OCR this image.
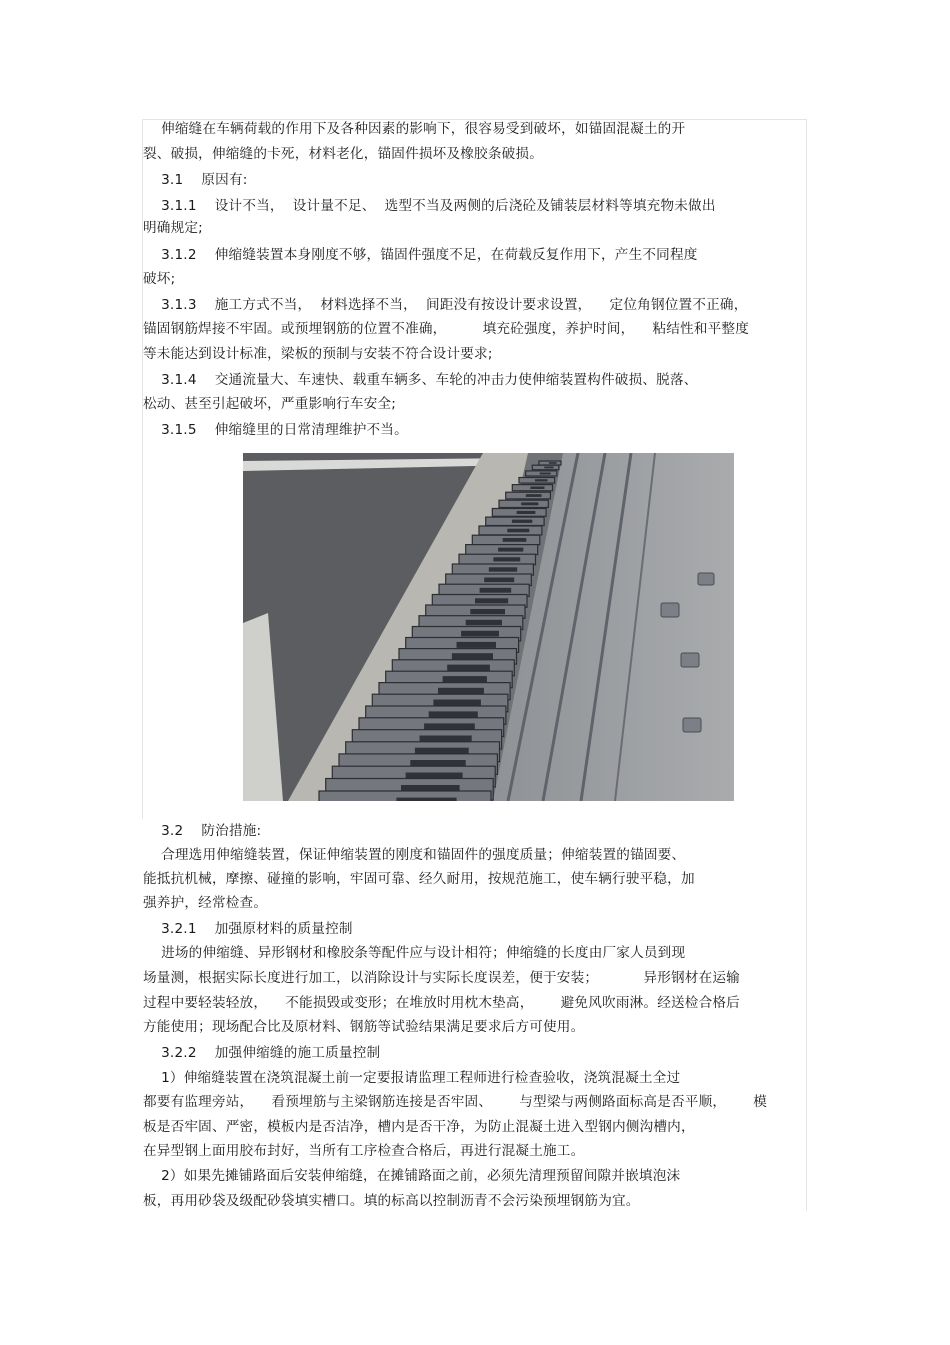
伸缩缝在车辆荷载的作用下及各种因素的影响下，很容易受到破坏，如锚固混凝土的开
裂、破损，伸缩缝的卡死，材料老化，锚固件损坏及橡胶条破损。
3.1    原因有:
3.1.1    设计不当，  设计量不足、  选型不当及两侧的后浇砼及铺装层材料等填充物未做出
明确规定;
3.1.2    伸缩缝装置本身刚度不够，锚固件强度不足，在荷载反复作用下，产生不同程度
破坏;
3.1.3    施工方式不当，  材料选择不当，  间距没有按设计要求设置，    定位角钢位置不正确，
锚固钢筋焊接不牢固。或预埋钢筋的位置不准确，        填充砼强度，养护时间，    粘结性和平整度
等未能达到设计标准，梁板的预制与安装不符合设计要求;
3.1.4    交通流量大、车速快、载重车辆多、车轮的冲击力使伸缩装置构件破损、脱落、
松动、甚至引起破坏，严重影响行车安全;
3.1.5    伸缩缝里的日常清理维护不当。
3.2    防治措施:
合理选用伸缩缝装置，保证伸缩装置的刚度和锚固件的强度质量；伸缩装置的锚固要、
能抵抗机械，摩擦、碰撞的影响，牢固可靠、经久耐用，按规范施工，使车辆行驶平稳，加
强养护，经常检查。
3.2.1    加强原材料的质量控制
进场的伸缩缝、异形钢材和橡胶条等配件应与设计相符；伸缩缝的长度由厂家人员到现
场量测，根据实际长度进行加工，以消除设计与实际长度误差，便于安装；          异形钢材在运输
过程中要轻装轻放，    不能损毁或变形；在堆放时用枕木垫高，      避免风吹雨淋。经送检合格后
方能使用；现场配合比及原材料、钢筋等试验结果满足要求后方可使用。
3.2.2    加强伸缩缝的施工质量控制
1）伸缩缝装置在浇筑混凝土前一定要报请监理工程师进行检查验收，浇筑混凝土全过
都要有监理旁站，    看预埋筋与主梁钢筋连接是否牢固、      与型梁与两侧路面标高是否平顺，      模
板是否牢固、严密，模板内是否洁净，槽内是否干净，为防止混凝土进入型钢内侧沟槽内，
在异型钢上面用胶布封好，当所有工序检查合格后，再进行混凝土施工。
2）如果先摊铺路面后安装伸缩缝，在摊铺路面之前，必须先清理预留间隙并嵌填泡沫
板，再用砂袋及级配砂袋填实槽口。填的标高以控制沥青不会污染预埋钢筋为宜。
